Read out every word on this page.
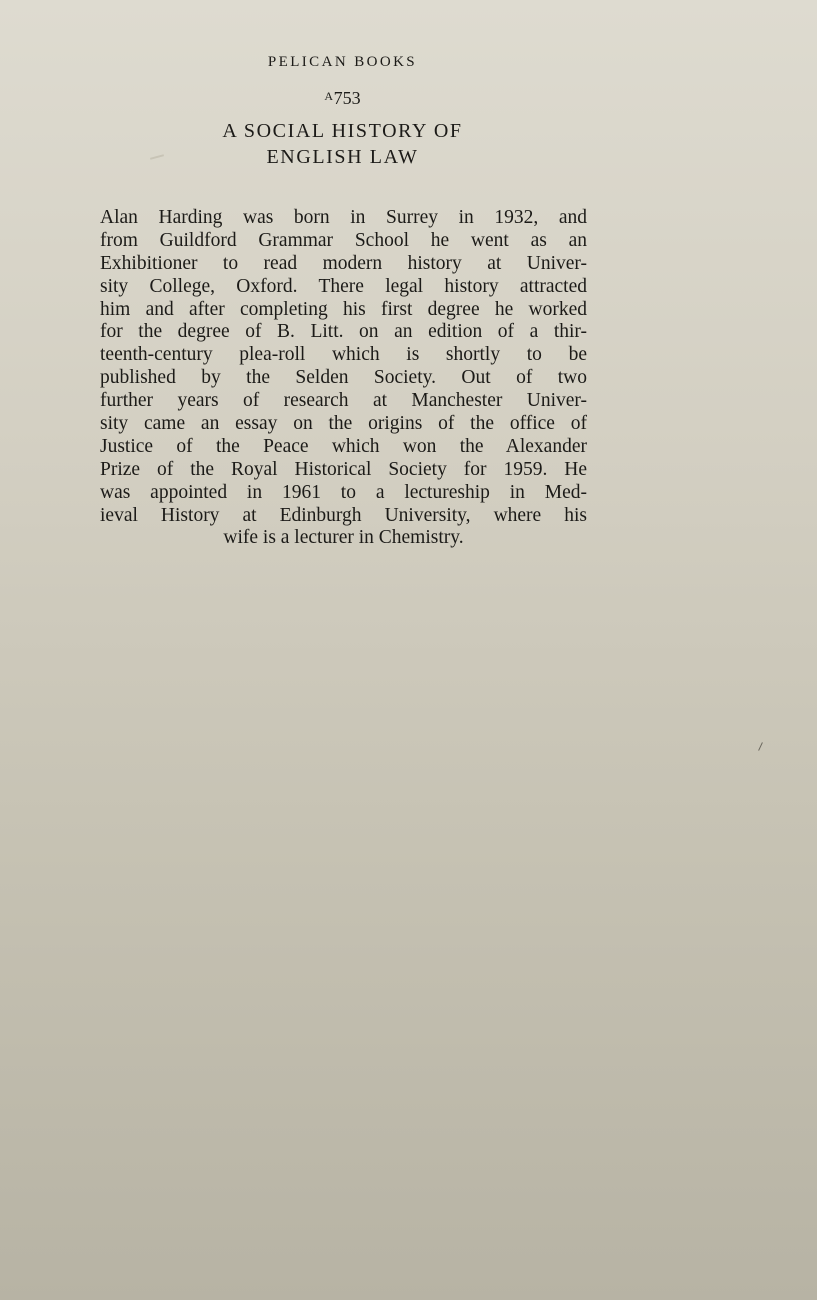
PELICAN BOOKS
$^A$753
A SOCIAL HISTORY OF
ENGLISH LAW
Alan Harding was born in Surrey in 1932, and
from Guildford Grammar School he went as an
Exhibitioner to read modern history at Univer-
sity College, Oxford. There legal history attracted
him and after completing his first degree he worked
for the degree of B. Litt. on an edition of a thir-
teenth-century plea-roll which is shortly to be
published by the Selden Society. Out of two
further years of research at Manchester Univer-
sity came an essay on the origins of the office of
Justice of the Peace which won the Alexander
Prize of the Royal Historical Society for 1959. He
was appointed in 1961 to a lectureship in Med-
ieval History at Edinburgh University, where his
wife is a lecturer in Chemistry.
